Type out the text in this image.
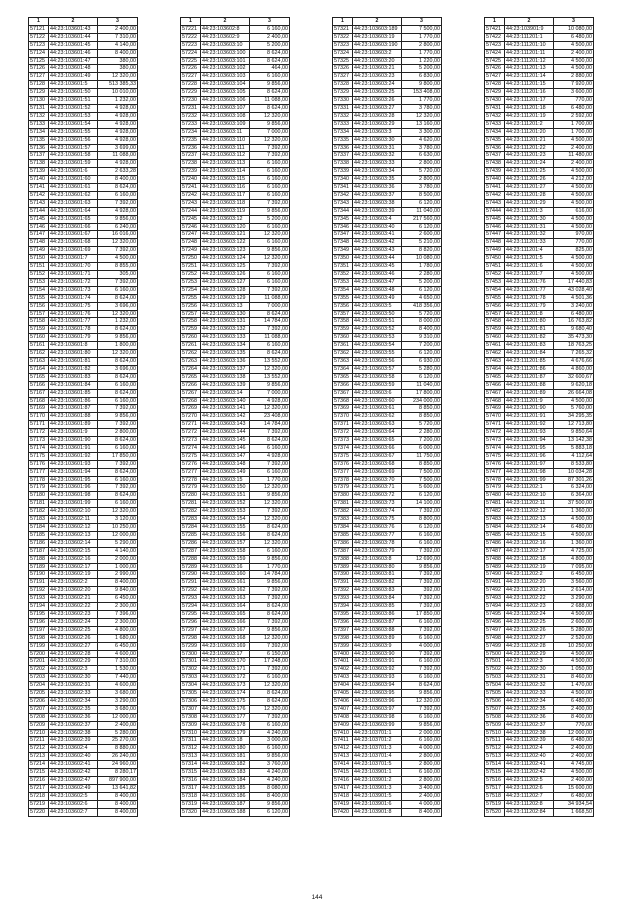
1	2	3
57121	44:23:103601:43	2 400,00
57122	44:23:103601:44	7 310,00
57123	44:23:103601:45	4 140,00
57124	44:23:103601:46	8 400,00
57125	44:23:103601:47	380,00
57126	44:23:103601:48	380,00
57127	44:23:103601:49	12 320,00
57128	44:23:103601:5	513 385,33
57129	44:23:103601:50	10 010,00
57130	44:23:103601:51	1 232,00
57131	44:23:103601:52	4 928,00
57132	44:23:103601:53	4 928,00
57133	44:23:103601:54	4 928,00
57134	44:23:103601:55	4 928,00
57135	44:23:103601:56	4 928,00
57136	44:23:103601:57	3 699,00
57137	44:23:103601:58	11 088,00
57138	44:23:103601:59	4 928,00
57139	44:23:103601:6	2 633,28
57140	44:23:103601:60	8 400,00
57141	44:23:103601:61	8 624,00
57142	44:23:103601:62	6 160,00
57143	44:23:103601:63	7 392,00
57144	44:23:103601:64	4 928,00
57145	44:23:103601:65	9 856,00
57146	44:23:103601:66	6 240,00
57147	44:23:103601:67	16 016,00
57148	44:23:103601:68	12 320,00
57149	44:23:103601:69	7 392,00
57150	44:23:103601:7	4 500,00
57151	44:23:103601:70	8 855,00
57152	44:23:103601:71	305,00
57153	44:23:103601:72	7 392,00
57154	44:23:103601:73	6 160,00
57155	44:23:103601:74	8 624,00
57156	44:23:103601:75	3 696,00
57157	44:23:103601:76	12 320,00
57158	44:23:103601:77	1 232,00
57159	44:23:103601:78	8 624,00
57160	44:23:103601:79	9 856,00
57161	44:23:103601:8	1 800,00
57162	44:23:103601:80	12 320,00
57163	44:23:103601:81	8 624,00
57164	44:23:103601:82	3 696,00
57165	44:23:103601:83	8 624,00
57166	44:23:103601:84	6 160,00
57167	44:23:103601:85	8 624,00
57168	44:23:103601:86	6 160,00
57169	44:23:103601:87	7 392,00
57170	44:23:103601:88	9 856,00
57171	44:23:103601:89	7 392,00
57172	44:23:103601:9	2 800,00
57173	44:23:103601:90	8 624,00
57174	44:23:103601:91	6 160,00
57175	44:23:103601:92	17 850,00
57176	44:23:103601:93	7 392,00
57177	44:23:103601:94	8 624,00
57178	44:23:103601:95	6 160,00
57179	44:23:103601:96	7 392,00
57180	44:23:103601:98	8 624,00
57181	44:23:103601:99	6 160,00
57182	44:23:103602:10	12 320,00
57183	44:23:103602:11	3 120,00
57184	44:23:103602:12	10 250,00
57185	44:23:103602:13	12 000,00
57186	44:23:103602:14	5 290,00
57187	44:23:103602:15	4 140,00
57188	44:23:103602:16	2 000,00
57189	44:23:103602:17	1 000,00
57190	44:23:103602:19	2 990,00
57191	44:23:103602:2	8 400,00
57192	44:23:103602:20	9 840,00
57193	44:23:103602:21	6 450,00
57194	44:23:103602:22	2 300,00
57195	44:23:103602:23	7 396,00
57196	44:23:103602:24	2 300,00
57197	44:23:103602:25	4 800,00
57198	44:23:103602:26	1 680,00
57199	44:23:103602:27	6 450,00
57200	44:23:103602:28	4 600,00
57201	44:23:103602:29	7 310,00
57202	44:23:103602:3	1 530,00
57203	44:23:103602:30	7 440,00
57204	44:23:103602:31	4 600,00
57205	44:23:103602:33	3 680,00
57206	44:23:103602:34	3 290,00
57207	44:23:103602:35	3 680,00
57208	44:23:103602:36	12 000,00
57209	44:23:103602:37	2 400,00
57210	44:23:103602:38	5 280,00
57211	44:23:103602:39	25 270,00
57212	44:23:103602:4	8 880,00
57213	44:23:103602:40	26 240,00
57214	44:23:103602:41	24 960,00
57215	44:23:103602:42	8 280,17
57216	44:23:103602:47	897 900,00
57217	44:23:103602:49	13 641,82
57218	44:23:103602:5	8 400,00
57219	44:23:103602:6	8 400,00
57220	44:23:103602:7	8 400,00
1	2	3
57221	44:23:103602:8	6 160,00
57222	44:23:103602:9	2 400,00
57223	44:23:103603:10	5 200,00
57224	44:23:103603:100	8 624,00
57225	44:23:103603:101	8 624,00
57226	44:23:103603:102	464,00
57227	44:23:103603:103	6 160,00
57228	44:23:103603:104	9 856,00
57229	44:23:103603:105	8 624,00
57230	44:23:103603:106	11 088,00
57231	44:23:103603:107	8 624,00
57232	44:23:103603:108	12 320,00
57233	44:23:103603:109	9 856,00
57234	44:23:103603:11	7 000,00
57235	44:23:103603:110	12 320,00
57236	44:23:103603:111	7 392,00
57237	44:23:103603:112	7 392,00
57238	44:23:103603:113	6 160,00
57239	44:23:103603:114	6 160,00
57240	44:23:103603:115	6 160,00
57241	44:23:103603:116	6 160,00
57242	44:23:103603:117	6 160,00
57243	44:23:103603:118	7 392,00
57244	44:23:103603:119	9 856,00
57245	44:23:103603:12	5 200,00
57246	44:23:103603:120	6 160,00
57247	44:23:103603:121	12 320,00
57248	44:23:103603:122	6 160,00
57249	44:23:103603:123	9 856,00
57250	44:23:103603:124	12 320,00
57251	44:23:103603:125	7 392,00
57252	44:23:103603:126	6 160,00
57253	44:23:103603:127	6 160,00
57254	44:23:103603:128	7 392,00
57255	44:23:103603:129	11 088,00
57256	44:23:103603:13	7 000,00
57257	44:23:103603:130	8 624,00
57258	44:23:103603:131	14 784,00
57259	44:23:103603:132	7 392,00
57260	44:23:103603:133	11 088,00
57261	44:23:103603:134	6 160,00
57262	44:23:103603:135	8 624,00
57263	44:23:103603:136	13 552,00
57264	44:23:103603:137	12 320,00
57265	44:23:103603:138	13 552,00
57266	44:23:103603:139	9 856,00
57267	44:23:103603:14	7 000,00
57268	44:23:103603:140	4 928,00
57269	44:23:103603:141	12 320,00
57270	44:23:103603:142	23 408,00
57271	44:23:103603:143	14 784,00
57272	44:23:103603:144	7 392,00
57273	44:23:103603:145	8 624,00
57274	44:23:103603:146	6 160,00
57275	44:23:103603:147	4 928,00
57276	44:23:103603:148	7 392,00
57277	44:23:103603:149	6 160,00
57278	44:23:103603:15	1 770,00
57279	44:23:103603:150	12 320,00
57280	44:23:103603:151	9 856,00
57281	44:23:103603:152	12 320,00
57282	44:23:103603:153	7 392,00
57283	44:23:103603:154	12 320,00
57284	44:23:103603:155	8 624,00
57285	44:23:103603:156	8 624,00
57286	44:23:103603:157	12 320,00
57287	44:23:103603:158	6 160,00
57288	44:23:103603:159	9 856,00
57289	44:23:103603:16	1 770,00
57290	44:23:103603:160	14 784,00
57291	44:23:103603:161	9 856,00
57292	44:23:103603:162	7 392,00
57293	44:23:103603:163	7 392,00
57294	44:23:103603:164	8 624,00
57295	44:23:103603:165	8 624,00
57296	44:23:103603:166	7 392,00
57297	44:23:103603:167	9 856,00
57298	44:23:103603:168	12 320,00
57299	44:23:103603:169	7 392,00
57300	44:23:103603:17	6 150,00
57301	44:23:103603:170	17 248,00
57302	44:23:103603:171	7 392,00
57303	44:23:103603:172	6 160,00
57304	44:23:103603:173	12 320,00
57305	44:23:103603:174	8 624,00
57306	44:23:103603:175	8 624,00
57307	44:23:103603:176	12 320,00
57308	44:23:103603:177	7 392,00
57309	44:23:103603:178	6 160,00
57310	44:23:103603:179	4 240,00
57311	44:23:103603:18	3 000,00
57312	44:23:103603:180	6 160,00
57313	44:23:103603:181	9 856,00
57314	44:23:103603:182	3 760,00
57315	44:23:103603:183	4 240,00
57316	44:23:103603:184	4 240,00
57317	44:23:103603:185	8 080,00
57318	44:23:103603:186	8 400,00
57319	44:23:103603:187	9 856,00
57320	44:23:103603:188	6 120,00
1	2	3
57321	44:23:103603:189	7 500,00
57322	44:23:103603:19	1 770,00
57323	44:23:103603:190	2 800,00
57324	44:23:103603:2	1 770,00
57325	44:23:103603:20	1 220,00
57326	44:23:103603:21	5 200,00
57327	44:23:103603:23	6 830,00
57328	44:23:103603:24	9 800,00
57329	44:23:103603:25	153 408,00
57330	44:23:103603:26	1 770,00
57331	44:23:103603:27	3 780,00
57332	44:23:103603:28	12 320,00
57333	44:23:103603:29	13 160,00
57334	44:23:103603:3	3 300,00
57335	44:23:103603:30	4 620,00
57336	44:23:103603:31	3 780,00
57337	44:23:103603:32	6 630,00
57338	44:23:103603:33	2 800,00
57339	44:23:103603:34	5 720,00
57340	44:23:103603:35	2 800,00
57341	44:23:103603:36	3 780,00
57342	44:23:103603:37	8 500,00
57343	44:23:103603:38	6 120,00
57344	44:23:103603:39	11 040,00
57345	44:23:103603:4	217 560,00
57346	44:23:103603:40	6 120,00
57347	44:23:103603:41	2 600,00
57348	44:23:103603:42	5 210,00
57349	44:23:103603:43	8 820,00
57350	44:23:103603:44	10 080,00
57351	44:23:103603:45	1 780,00
57352	44:23:103603:46	2 280,00
57353	44:23:103603:47	5 200,00
57354	44:23:103603:48	6 120,00
57355	44:23:103603:49	4 650,00
57356	44:23:103603:5	418 356,00
57357	44:23:103603:50	5 720,00
57358	44:23:103603:51	8 000,00
57359	44:23:103603:52	8 400,00
57360	44:23:103603:53	9 310,00
57361	44:23:103603:54	7 200,00
57362	44:23:103603:55	6 120,00
57363	44:23:103603:56	6 930,00
57364	44:23:103603:57	5 280,00
57365	44:23:103603:58	6 120,00
57366	44:23:103603:59	11 040,00
57367	44:23:103603:6	17 800,00
57368	44:23:103603:60	234 000,00
57369	44:23:103603:61	8 850,00
57370	44:23:103603:62	8 850,00
57371	44:23:103603:63	5 720,00
57372	44:23:103603:64	2 280,00
57373	44:23:103603:65	7 200,00
57374	44:23:103603:66	6 000,00
57375	44:23:103603:67	11 750,00
57376	44:23:103603:68	8 850,00
57377	44:23:103603:69	7 500,00
57378	44:23:103603:70	7 500,00
57379	44:23:103603:71	5 600,00
57380	44:23:103603:72	6 120,00
57381	44:23:103603:73	14 100,00
57382	44:23:103603:74	7 392,00
57383	44:23:103603:75	8 800,00
57384	44:23:103603:76	6 120,00
57385	44:23:103603:77	6 160,00
57386	44:23:103603:78	6 160,00
57387	44:23:103603:79	7 392,00
57388	44:23:103603:8	12 690,00
57389	44:23:103603:80	9 856,00
57390	44:23:103603:81	7 392,00
57391	44:23:103603:82	7 392,00
57392	44:23:103603:83	392,00
57393	44:23:103603:84	7 392,00
57394	44:23:103603:85	7 392,00
57395	44:23:103603:86	17 850,00
57396	44:23:103603:87	6 160,00
57397	44:23:103603:88	7 392,00
57398	44:23:103603:89	6 160,00
57399	44:23:103603:9	4 000,00
57400	44:23:103603:90	7 392,00
57401	44:23:103603:91	6 160,00
57402	44:23:103603:92	7 392,00
57403	44:23:103603:93	6 160,00
57404	44:23:103603:94	8 624,00
57405	44:23:103603:95	9 856,00
57406	44:23:103603:96	12 320,00
57407	44:23:103603:97	7 392,00
57408	44:23:103603:98	6 160,00
57409	44:23:103603:99	9 856,00
57410	44:23:103701:1	2 000,00
57411	44:23:103701:2	6 160,00
57412	44:23:103701:3	4 000,00
57413	44:23:103701:4	2 800,00
57414	44:23:103701:5	2 800,00
57415	44:23:103901:1	6 160,00
57416	44:23:103901:2	2 800,00
57417	44:23:103901:3	3 400,00
57418	44:23:103901:5	2 400,00
57419	44:23:103901:6	4 000,00
57420	44:23:103901:8	8 400,00
1	2	3
57421	44:23:103901:9	10 080,00
57422	44:23:111201:1	6 480,00
57423	44:23:111201:10	4 500,00
57424	44:23:111201:11	2 400,00
57425	44:23:111201:12	4 500,00
57426	44:23:111201:13	4 500,00
57427	44:23:111201:14	2 880,00
57428	44:23:111201:15	7 920,00
57429	44:23:111201:16	3 600,00
57430	44:23:111201:17	770,00
57431	44:23:111201:18	6 480,00
57432	44:23:111201:19	2 592,00
57433	44:23:111201:2	1 700,00
57434	44:23:111201:20	1 700,00
57435	44:23:111201:21	4 500,00
57436	44:23:111201:22	2 400,00
57437	44:23:111201:23	11 480,00
57438	44:23:111201:24	2 400,00
57439	44:23:111201:25	4 500,00
57440	44:23:111201:26	4 212,00
57441	44:23:111201:27	4 500,00
57442	44:23:111201:28	4 500,00
57443	44:23:111201:29	4 500,00
57444	44:23:111201:3	616,00
57445	44:23:111201:30	4 500,00
57446	44:23:111201:31	4 500,00
57447	44:23:111201:32	970,00
57448	44:23:111201:33	770,00
57449	44:23:111201:4	825,00
57450	44:23:111201:5	4 500,00
57451	44:23:111201:6	4 500,00
57452	44:23:111201:7	4 500,00
57453	44:23:111201:76	17 440,83
57454	44:23:111201:77	43 028,40
57455	44:23:111201:78	4 501,36
57456	44:23:111201:79	3 240,00
57457	44:23:111201:8	6 480,00
57458	44:23:111201:80	16 763,82
57459	44:23:111201:81	9 680,40
57460	44:23:111201:82	35 473,30
57461	44:23:111201:83	18 763,25
57462	44:23:111201:84	7 265,32
57463	44:23:111201:85	4 676,66
57464	44:23:111201:86	4 860,00
57465	44:23:111201:87	32 600,67
57466	44:23:111201:88	9 620,18
57467	44:23:111201:89	26 664,08
57468	44:23:111201:9	4 500,00
57469	44:23:111201:90	5 760,00
57470	44:23:111201:91	34 295,35
57471	44:23:111201:92	12 713,80
57472	44:23:111201:93	9 850,64
57473	44:23:111201:94	13 142,38
57474	44:23:111201:95	5 883,18
57475	44:23:111201:96	4 112,64
57476	44:23:111201:97	8 533,80
57477	44:23:111201:98	10 034,28
57478	44:23:111201:99	87 301,26
57479	44:23:111202:1	6 324,00
57480	44:23:111202:10	6 364,00
57481	44:23:111202:11	37 500,00
57482	44:23:111202:12	1 360,00
57483	44:23:111202:13	4 500,00
57484	44:23:111202:14	6 480,00
57485	44:23:111202:15	4 500,00
57486	44:23:111202:16	1 360,00
57487	44:23:111202:17	4 725,00
57488	44:23:111202:18	4 800,00
57489	44:23:111202:19	7 095,00
57490	44:23:111202:2	6 450,00
57491	44:23:111202:20	3 560,00
57492	44:23:111202:21	2 614,00
57493	44:23:111202:22	3 290,00
57494	44:23:111202:23	2 688,00
57495	44:23:111202:24	4 500,00
57496	44:23:111202:25	2 600,00
57497	44:23:111202:26	5 280,00
57498	44:23:111202:27	2 520,00
57499	44:23:111202:28	10 250,00
57500	44:23:111202:29	4 500,00
57501	44:23:111202:3	4 500,00
57502	44:23:111202:30	1 050,00
57503	44:23:111202:31	8 460,00
57504	44:23:111202:32	1 470,00
57505	44:23:111202:33	4 500,00
57506	44:23:111202:34	6 480,00
57507	44:23:111202:35	2 400,00
57508	44:23:111202:36	8 400,00
57509	44:23:111202:37	770,00
57510	44:23:111202:38	12 000,00
57511	44:23:111202:39	6 480,00
57512	44:23:111202:4	2 400,00
57513	44:23:111202:40	2 400,00
57514	44:23:111202:41	4 745,00
57515	44:23:111202:42	4 500,00
57516	44:23:111202:5	2 400,00
57517	44:23:111202:6	15 600,00
57518	44:23:111202:7	6 480,00
57519	44:23:111202:8	34 934,54
57520	44:23:111202:84	1 668,50
144
